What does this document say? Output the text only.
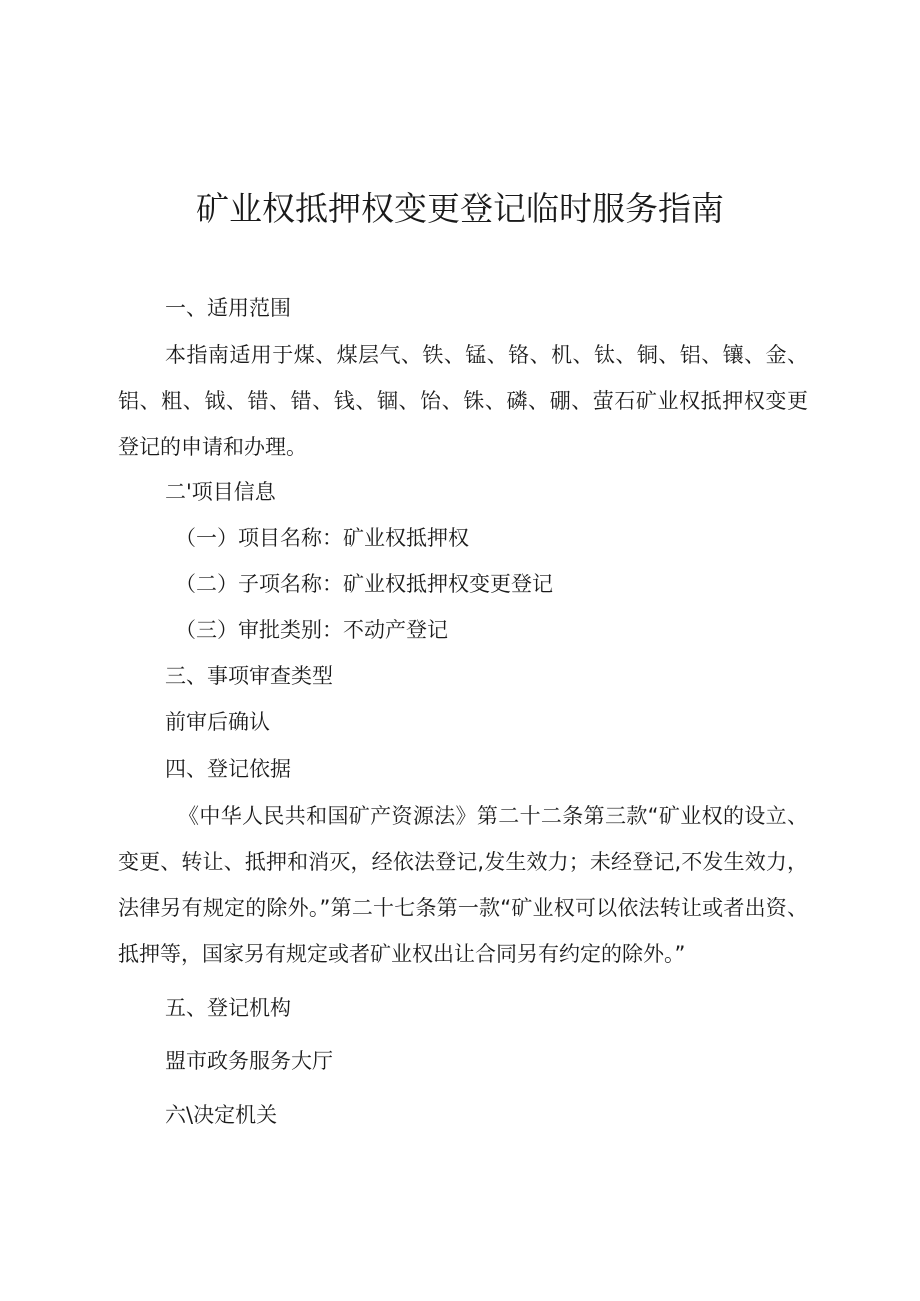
矿业权抵押权变更登记临时服务指南
一、适用范围
本指南适用于煤、煤层气、铁、锰、铬、机、钛、铜、铝、镶、金、铝、粗、钺、错、错、钱、锢、饴、铢、磷、硼、萤石矿业权抵押权变更登记的申请和办理。
二'项目信息
（一）项目名称：矿业权抵押权
（二）子项名称：矿业权抵押权变更登记
（三）审批类别：不动产登记
三、事项审查类型
前审后确认
四、登记依据
《中华人民共和国矿产资源法》第二十二条第三款“矿业权的设立、变更、转让、抵押和消灭，经依法登记,发生效力；未经登记,不发生效力，法律另有规定的除外。”第二十七条第一款“矿业权可以依法转让或者出资、抵押等，国家另有规定或者矿业权出让合同另有约定的除外。”
五、登记机构
盟市政务服务大厅
六\决定机关
